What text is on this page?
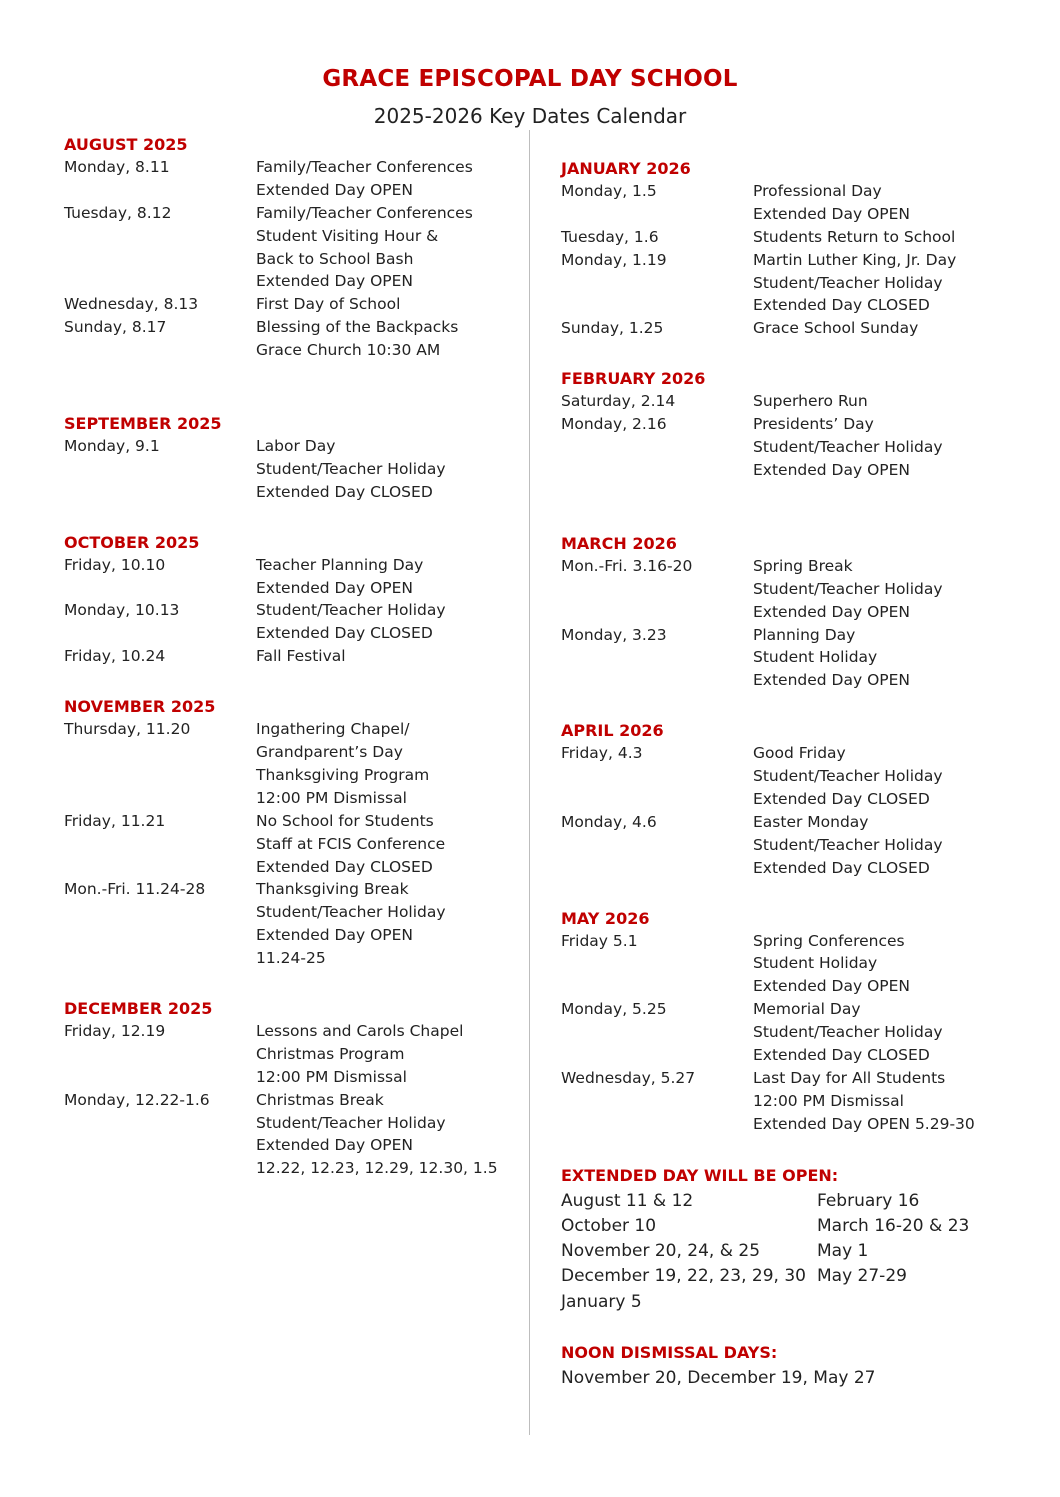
GRACE EPISCOPAL DAY SCHOOL
2025-2026 Key Dates Calendar
AUGUST 2025
Monday, 8.11	Family/Teacher Conferences
Extended Day OPEN
Tuesday, 8.12	Family/Teacher Conferences
Student Visiting Hour &
Back to School Bash
Extended Day OPEN
Wednesday, 8.13	First Day of School
Sunday, 8.17	Blessing of the Backpacks
Grace Church 10:30 AM
SEPTEMBER 2025
Monday, 9.1	Labor Day
Student/Teacher Holiday
Extended Day CLOSED
OCTOBER 2025
Friday, 10.10	Teacher Planning Day
Extended Day OPEN
Monday, 10.13	Student/Teacher Holiday
Extended Day CLOSED
Friday, 10.24	Fall Festival
NOVEMBER 2025
Thursday, 11.20	Ingathering Chapel/
Grandparent’s Day
Thanksgiving Program
12:00 PM Dismissal
Friday, 11.21	No School for Students
Staff at FCIS Conference
Extended Day CLOSED
Mon.-Fri. 11.24-28	Thanksgiving Break
Student/Teacher Holiday
Extended Day OPEN
11.24-25
DECEMBER 2025
Friday, 12.19	Lessons and Carols Chapel
Christmas Program
12:00 PM Dismissal
Monday, 12.22-1.6	Christmas Break
Student/Teacher Holiday
Extended Day OPEN
12.22, 12.23, 12.29, 12.30, 1.5
JANUARY 2026
Monday, 1.5	Professional Day
Extended Day OPEN
Tuesday, 1.6	Students Return to School
Monday, 1.19	Martin Luther King, Jr. Day
Student/Teacher Holiday
Extended Day CLOSED
Sunday, 1.25	Grace School Sunday
FEBRUARY 2026
Saturday, 2.14	Superhero Run
Monday, 2.16	Presidents’ Day
Student/Teacher Holiday
Extended Day OPEN
MARCH 2026
Mon.-Fri. 3.16-20	Spring Break
Student/Teacher Holiday
Extended Day OPEN
Monday, 3.23	Planning Day
Student Holiday
Extended Day OPEN
APRIL 2026
Friday, 4.3	Good Friday
Student/Teacher Holiday
Extended Day CLOSED
Monday, 4.6	Easter Monday
Student/Teacher Holiday
Extended Day CLOSED
MAY 2026
Friday 5.1	Spring Conferences
Student Holiday
Extended Day OPEN
Monday, 5.25	Memorial Day
Student/Teacher Holiday
Extended Day CLOSED
Wednesday, 5.27	Last Day for All Students
12:00 PM Dismissal
Extended Day OPEN 5.29-30
EXTENDED DAY WILL BE OPEN:
August 11 & 12	February 16
October 10	March 16-20 & 23
November 20, 24, & 25	May 1
December 19, 22, 23, 29, 30 May 27-29
January 5
NOON DISMISSAL DAYS:
November 20, December 19, May 27
